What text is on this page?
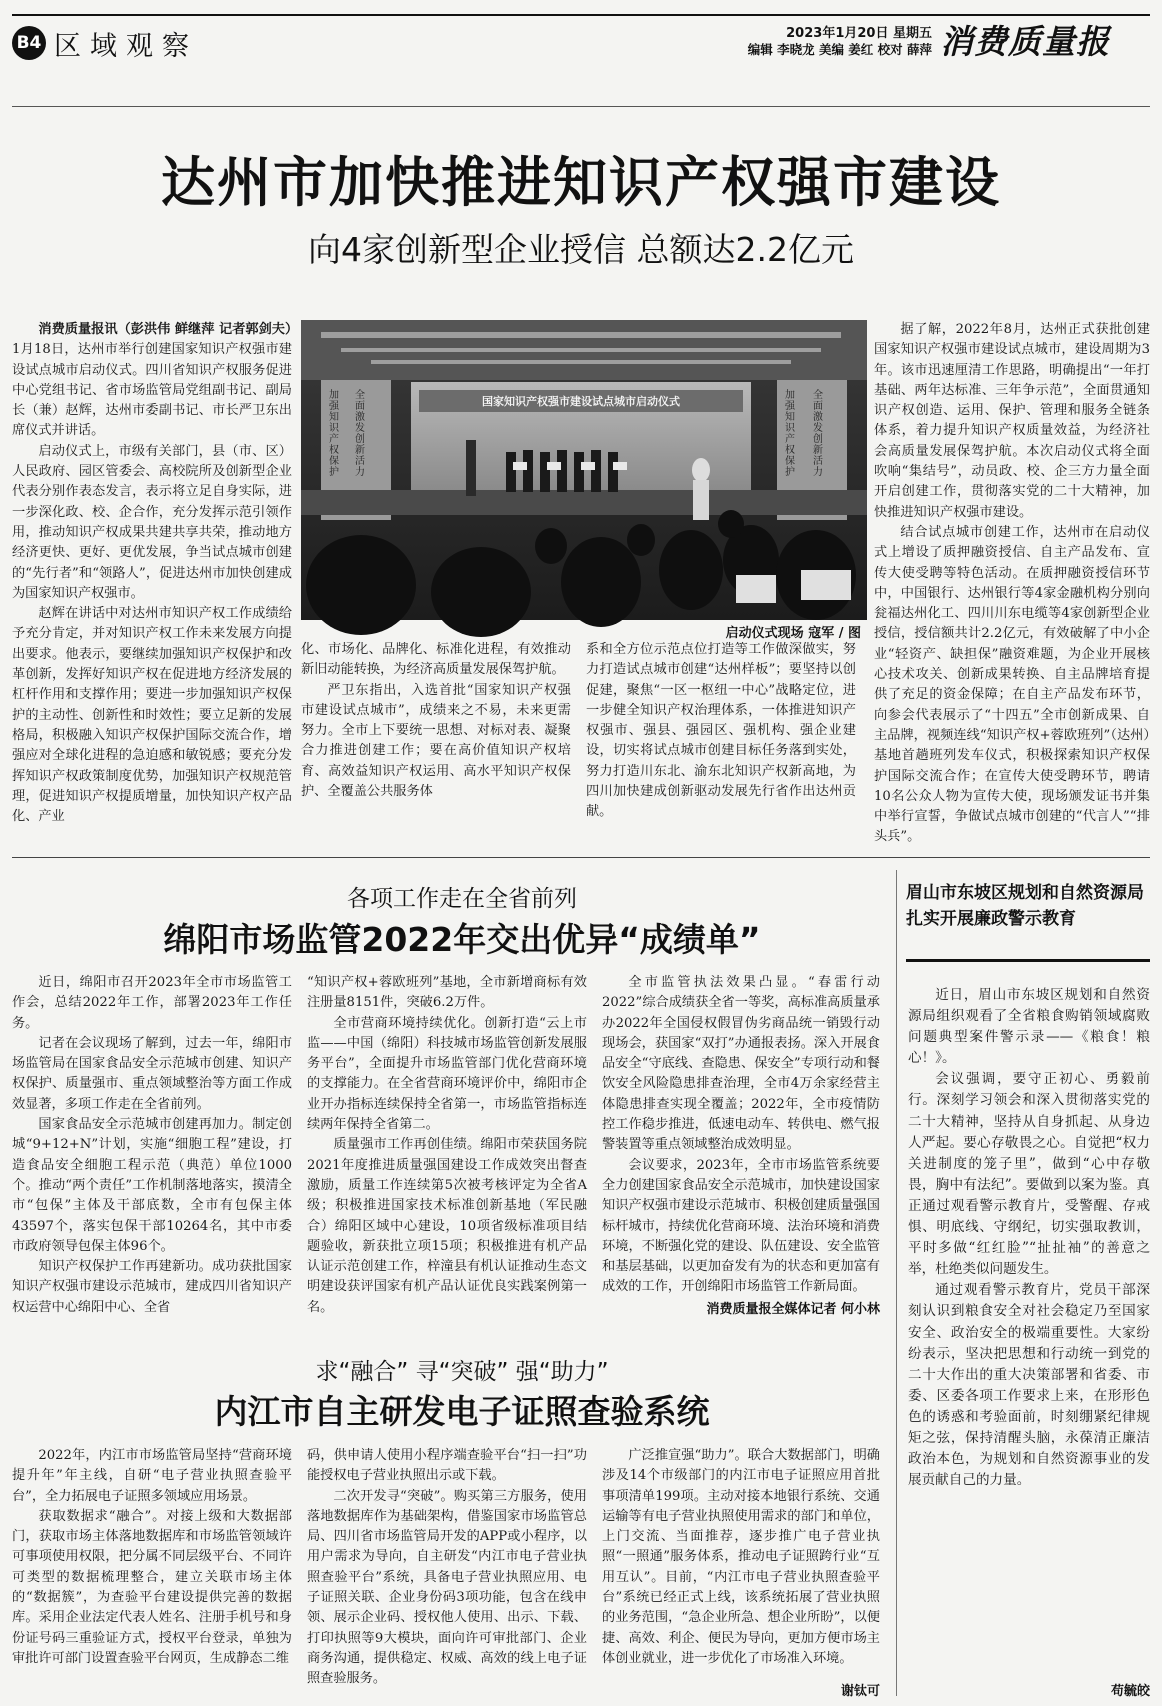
B4 区域观察	2023年1月20日 星期五
编辑 李晓龙 美编 姜红 校对 薛萍 消费质量报
达州市加快推进知识产权强市建设
向4家创新型企业授信 总额达2.2亿元
国家知识产权强市建设试点城市启动仪式
加强知识产权保护
全面激发创新活力
加强知识产权保护
全面激发创新活力
启动仪式现场 寇军 / 图

消费质量报讯（彭洪伟 鲜继萍 记者郭剑夫）1月18日，达州市举行创建国家知识产权强市建设试点城市启动仪式。四川省知识产权服务促进中心党组书记、省市场监管局党组副书记、副局长（兼）赵辉，达州市委副书记、市长严卫东出席仪式并讲话。

启动仪式上，市级有关部门，县（市、区）人民政府、园区管委会、高校院所及创新型企业代表分别作表态发言，表示将立足自身实际，进一步深化政、校、企合作，充分发挥示范引领作用，推动知识产权成果共建共享共荣，推动地方经济更快、更好、更优发展，争当试点城市创建的“先行者”和“领路人”，促进达州市加快创建成为国家知识产权强市。

赵辉在讲话中对达州市知识产权工作成绩给予充分肯定，并对知识产权工作未来发展方向提出要求。他表示，要继续加强知识产权保护和改革创新，发挥好知识产权在促进地方经济发展的杠杆作用和支撑作用；要进一步加强知识产权保护的主动性、创新性和时效性；要立足新的发展格局，积极融入知识产权保护国际交流合作，增强应对全球化进程的急迫感和敏锐感；要充分发挥知识产权政策制度优势，加强知识产权规范管理，促进知识产权提质增量，加快知识产权产品化、产业

化、市场化、品牌化、标准化进程，有效推动新旧动能转换，为经济高质量发展保驾护航。

严卫东指出，入选首批“国家知识产权强市建设试点城市”，成绩来之不易，未来更需努力。全市上下要统一思想、对标对表、凝聚合力推进创建工作；要在高价值知识产权培育、高效益知识产权运用、高水平知识产权保护、全覆盖公共服务体

系和全方位示范点位打造等工作做深做实，努力打造试点城市创建“达州样板”；要坚持以创促建，聚焦“一区一枢纽一中心”战略定位，进一步健全知识产权治理体系，一体推进知识产权强市、强县、强园区、强机构、强企业建设，切实将试点城市创建目标任务落到实处，努力打造川东北、渝东北知识产权新高地，为四川加快建成创新驱动发展先行省作出达州贡献。

据了解，2022年8月，达州正式获批创建国家知识产权强市建设试点城市，建设周期为3年。该市迅速厘清工作思路，明确提出“一年打基础、两年达标准、三年争示范”，全面贯通知识产权创造、运用、保护、管理和服务全链条体系，着力提升知识产权质量效益，为经济社会高质量发展保驾护航。本次启动仪式将全面吹响“集结号”，动员政、校、企三方力量全面开启创建工作，贯彻落实党的二十大精神，加快推进知识产权强市建设。

结合试点城市创建工作，达州市在启动仪式上增设了质押融资授信、自主产品发布、宣传大使受聘等特色活动。在质押融资授信环节中，中国银行、达州银行等4家金融机构分别向瓮福达州化工、四川川东电缆等4家创新型企业授信，授信额共计2.2亿元，有效破解了中小企业“轻资产、缺担保”融资难题，为企业开展核心技术攻关、创新成果转换、自主品牌培育提供了充足的资金保障；在自主产品发布环节，向参会代表展示了“十四五”全市创新成果、自主品牌，视频连线“知识产权+蓉欧班列”（达州）基地首趟班列发车仪式，积极探索知识产权保护国际交流合作；在宣传大使受聘环节，聘请10名公众人物为宣传大使，现场颁发证书并集中举行宣誓，争做试点城市创建的“代言人”“排头兵”。

各项工作走在全省前列
绵阳市场监管2022年交出优异“成绩单”

近日，绵阳市召开2023年全市市场监管工作会，总结2022年工作，部署2023年工作任务。

记者在会议现场了解到，过去一年，绵阳市场监管局在国家食品安全示范城市创建、知识产权保护、质量强市、重点领域整治等方面工作成效显著，多项工作走在全省前列。

国家食品安全示范城市创建再加力。制定创城“9+12+N”计划，实施“细胞工程”建设，打造食品安全细胞工程示范（典范）单位1000个。推动“两个责任”工作机制落地落实，摸清全市“包保”主体及干部底数，全市有包保主体43597个，落实包保干部10264名，其中市委市政府领导包保主体96个。

知识产权保护工作再建新功。成功获批国家知识产权强市建设示范城市，建成四川省知识产权运营中心绵阳中心、全省

“知识产权+蓉欧班列”基地，全市新增商标有效注册量8151件，突破6.2万件。

全市营商环境持续优化。创新打造“云上市监——中国（绵阳）科技城市场监管创新发展服务平台”，全面提升市场监管部门优化营商环境的支撑能力。在全省营商环境评价中，绵阳市企业开办指标连续保持全省第一，市场监管指标连续两年保持全省第二。

质量强市工作再创佳绩。绵阳市荣获国务院2021年度推进质量强国建设工作成效突出督查激励，质量工作连续第5次被考核评定为全省A级；积极推进国家技术标准创新基地（军民融合）绵阳区域中心建设，10项省级标准项目结题验收，新获批立项15项；积极推进有机产品认证示范创建工作，梓潼县有机认证推动生态文明建设获评国家有机产品认证优良实践案例第一名。

全市监管执法效果凸显。“春雷行动2022”综合成绩获全省一等奖，高标准高质量承办2022年全国侵权假冒伪劣商品统一销毁行动现场会，获国家“双打”办通报表扬。深入开展食品安全“守底线、查隐患、保安全”专项行动和餐饮安全风险隐患排查治理，全市4万余家经营主体隐患排查实现全覆盖；2022年，全市疫情防控工作稳步推进，低速电动车、转供电、燃气报警装置等重点领域整治成效明显。

会议要求，2023年，全市市场监管系统要全力创建国家食品安全示范城市，加快建设国家知识产权强市建设示范城市、积极创建质量强国标杆城市，持续优化营商环境、法治环境和消费环境，不断强化党的建设、队伍建设、安全监管和基层基础，以更加奋发有为的状态和更加富有成效的工作，开创绵阳市场监管工作新局面。

消费质量报全媒体记者 何小林
求“融合” 寻“突破” 强“助力”
内江市自主研发电子证照查验系统

2022年，内江市市场监管局坚持“营商环境提升年”年主线，自研“电子营业执照查验平台”，全力拓展电子证照多领域应用场景。

获取数据求“融合”。对接上级和大数据部门，获取市场主体落地数据库和市场监管领域许可事项使用权限，把分属不同层级平台、不同许可类型的数据梳理整合，建立关联市场主体的“数据簇”，为查验平台建设提供完善的数据库。采用企业法定代表人姓名、注册手机号和身份证号码三重验证方式，授权平台登录，单独为审批许可部门设置查验平台网页，生成静态二维

码，供申请人使用小程序端查验平台“扫一扫”功能授权电子营业执照出示或下载。

二次开发寻“突破”。购买第三方服务，使用落地数据库作为基础架构，借鉴国家市场监管总局、四川省市场监管局开发的APP或小程序，以用户需求为导向，自主研发“内江市电子营业执照查验平台”系统，具备电子营业执照应用、电子证照关联、企业身份码3项功能，包含在线申领、展示企业码、授权他人使用、出示、下载、打印执照等9大模块，面向许可审批部门、企业商务沟通，提供稳定、权威、高效的线上电子证照查验服务。

广泛推宣强“助力”。联合大数据部门，明确涉及14个市级部门的内江市电子证照应用首批事项清单199项。主动对接本地银行系统、交通运输等有电子营业执照使用需求的部门和单位，上门交流、当面推荐，逐步推广电子营业执照“一照通”服务体系，推动电子证照跨行业“互用互认”。目前，“内江市电子营业执照查验平台”系统已经正式上线，该系统拓展了营业执照的业务范围，“急企业所急、想企业所盼”，以便捷、高效、利企、便民为导向，更加方便市场主体创业就业，进一步优化了市场准入环境。

谢钛可
眉山市东坡区规划和自然资源局
扎实开展廉政警示教育

近日，眉山市东坡区规划和自然资源局组织观看了全省粮食购销领域腐败问题典型案件警示录——《粮食！粮心！》。

会议强调，要守正初心、勇毅前行。深刻学习领会和深入贯彻落实党的二十大精神，坚持从自身抓起、从身边人严起。要心存敬畏之心。自觉把“权力关进制度的笼子里”，做到“心中存敬畏，胸中有法纪”。要做到以案为鉴。真正通过观看警示教育片，受警醒、存戒惧、明底线、守纲纪，切实强取教训，平时多做“红红脸”“扯扯袖”的善意之举，杜绝类似问题发生。

通过观看警示教育片，党员干部深刻认识到粮食安全对社会稳定乃至国家安全、政治安全的极端重要性。大家纷纷表示，坚决把思想和行动统一到党的二十大作出的重大决策部署和省委、市委、区委各项工作要求上来，在形形色色的诱惑和考验面前，时刻绷紧纪律规矩之弦，保持清醒头脑，永葆清正廉洁政治本色，为规划和自然资源事业的发展贡献自己的力量。

苟毓皎
